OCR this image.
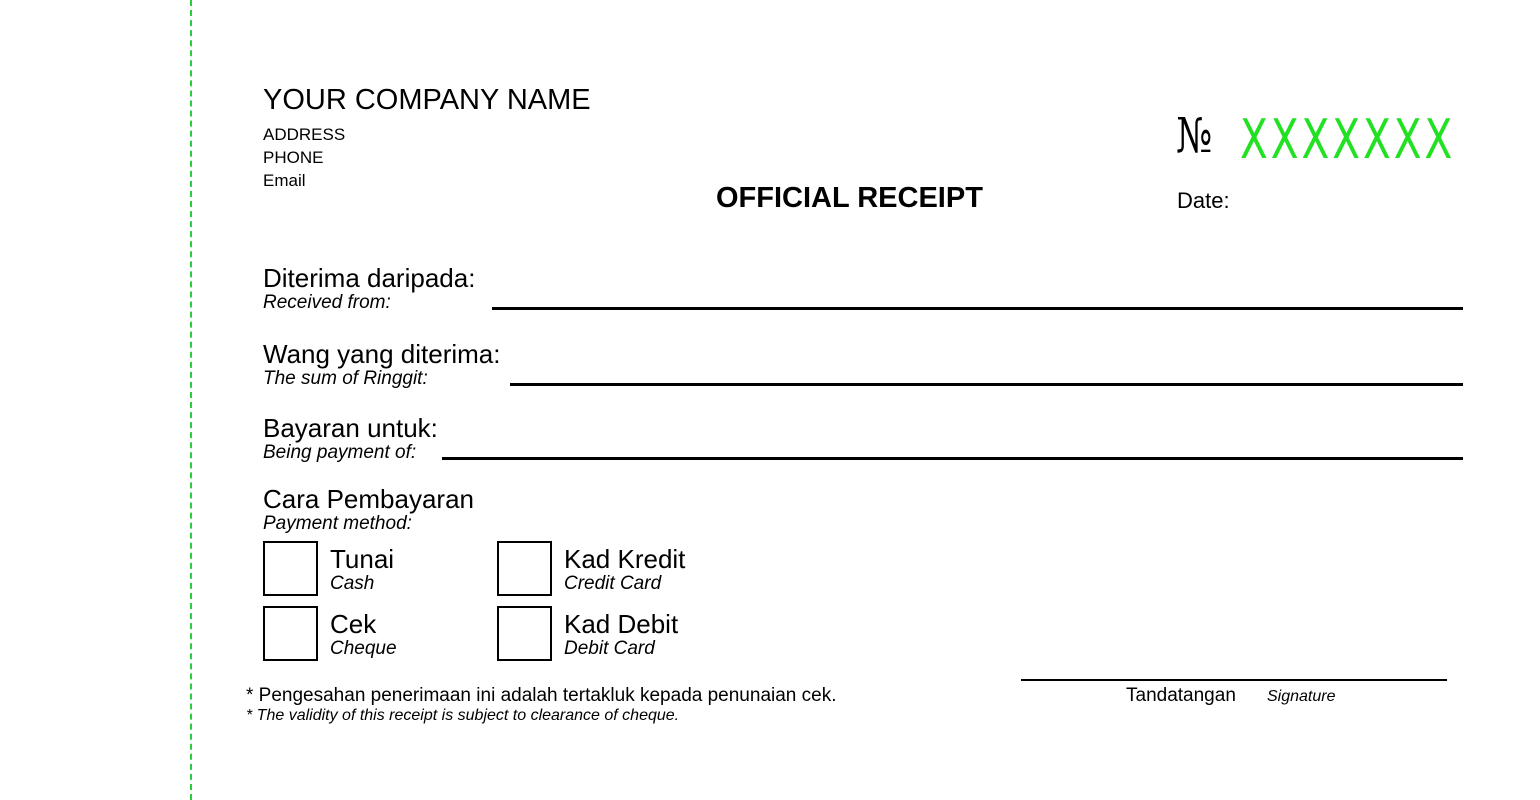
YOUR COMPANY NAME
ADDRESS
PHONE
Email
№ XXXXXXX
OFFICIAL RECEIPT	Date:
Diterima daripada:
Received from:
Wang yang diterima:
The sum of Ringgit:
Bayaran untuk:
Being payment of:
Cara Pembayaran
Payment method:
Tunai
Cash
Kad Kredit
Credit Card
Cek
Cheque
Kad Debit
Debit Card
* Pengesahan penerimaan ini adalah tertakluk kepada penunaian cek.
* The validity of this receipt is subject to clearance of cheque.
Tandatangan Signature
